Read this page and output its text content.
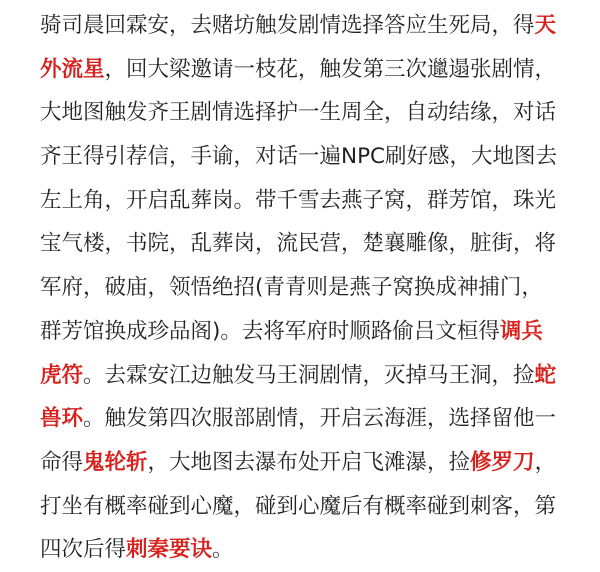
骑司晨回霖安，去赌坊触发剧情选择答应生死局，得天
外流星，回大梁邀请一枝花，触发第三次邋遢张剧情，
大地图触发齐王剧情选择护一生周全，自动结缘，对话
齐王得引荐信，手谕，对话一遍NPC刷好感，大地图去
左上角，开启乱葬岗。带千雪去燕子窝，群芳馆，珠光
宝气楼，书院，乱葬岗，流民营，楚襄雕像，脏街，将
军府，破庙，领悟绝招(青青则是燕子窝换成神捕门，
群芳馆换成珍品阁)。去将军府时顺路偷吕文桓得调兵
虎符。去霖安江边触发马王洞剧情，灭掉马王洞，捡蛇
兽环。触发第四次服部剧情，开启云海涯，选择留他一
命得鬼轮斩，大地图去瀑布处开启飞滩瀑，捡修罗刀，
打坐有概率碰到心魔，碰到心魔后有概率碰到刺客，第
四次后得刺秦要诀。
